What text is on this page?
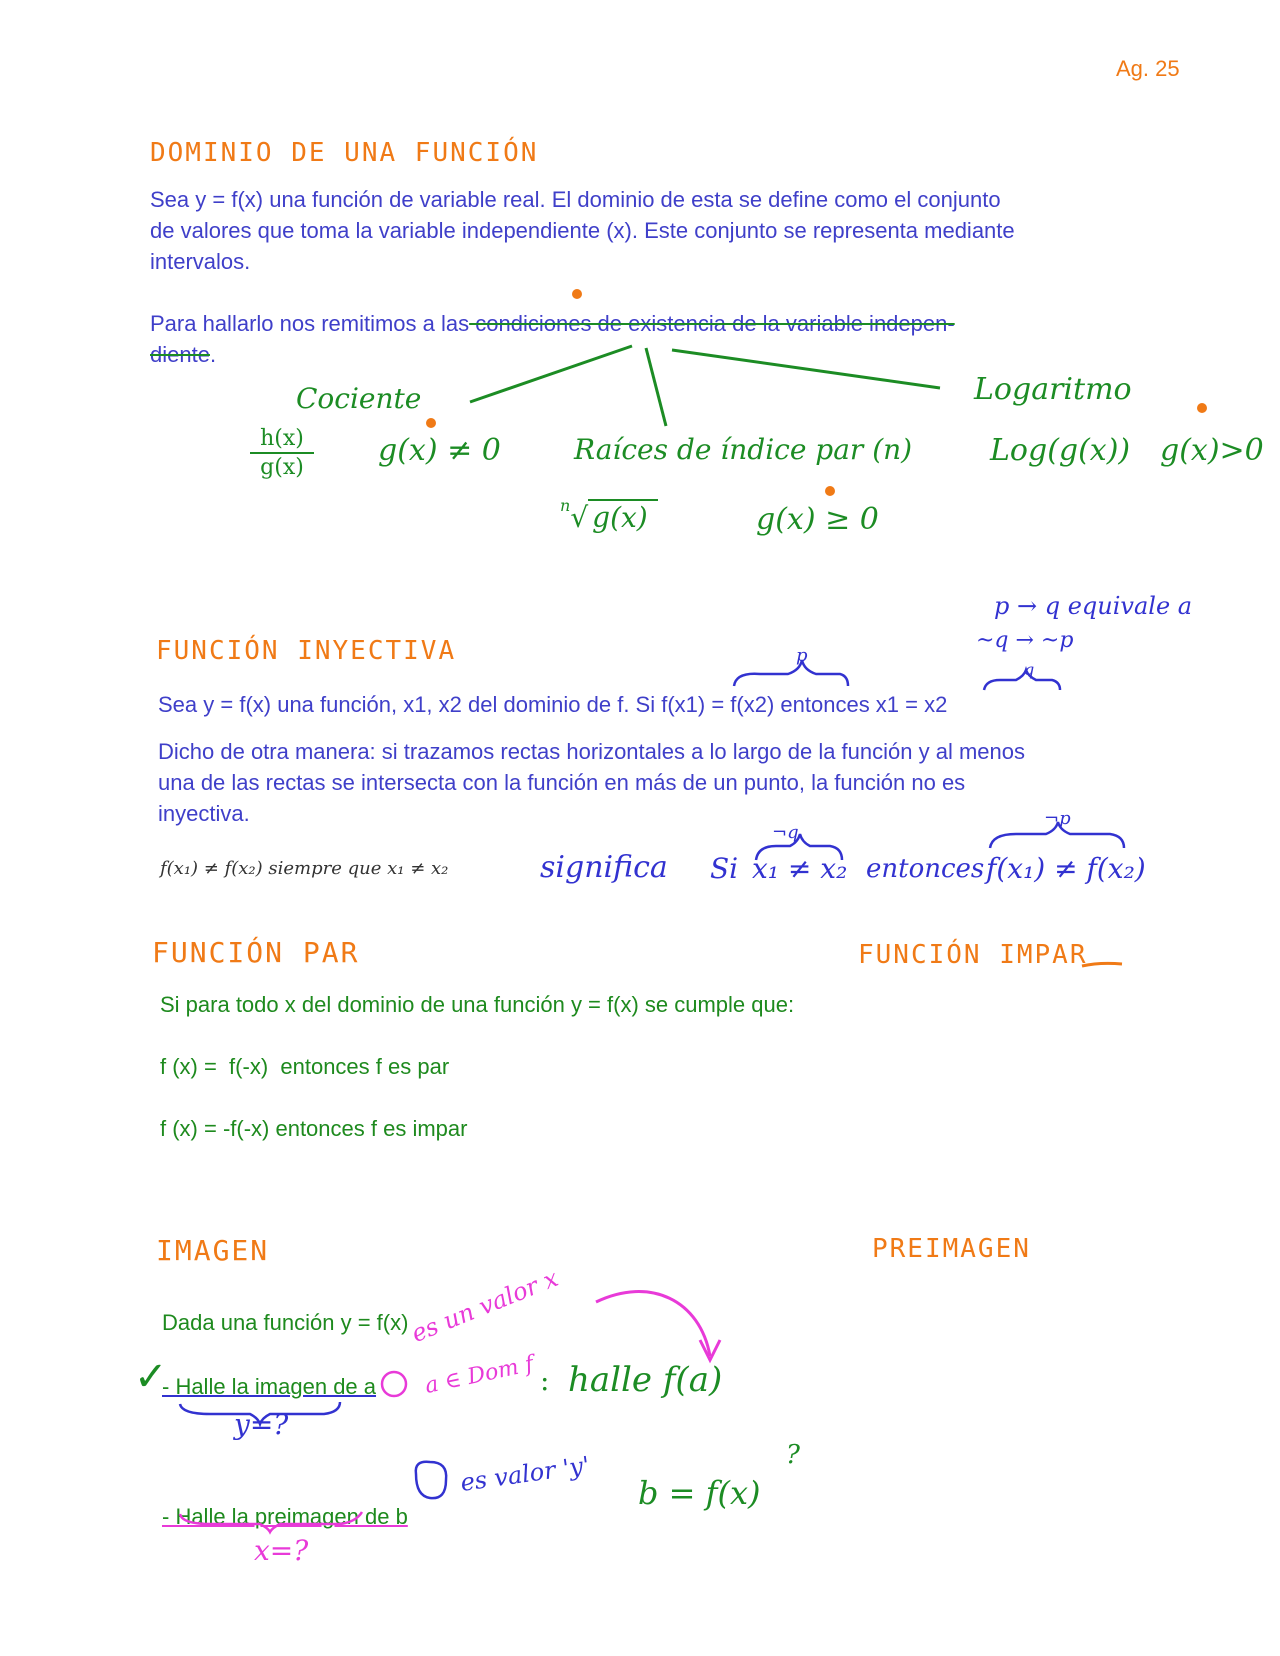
Ag. 25
DOMINIO DE UNA FUNCIÓN
Sea y = f(x) una función de variable real. El dominio de esta se define como el conjunto de valores que toma la variable independiente (x). Este conjunto se representa mediante intervalos.
Para hallarlo nos remitimos a las condiciones de existencia de la variable indepen-
diente.
Cociente
h(x)
g(x)	g(x) ≠ 0	Raíces de índice par (n)
$^n$√ g(x)	g(x) ≥ 0
Logaritmo
Log(g(x)) g(x)>0
FUNCIÓN INYECTIVA
p → q equivale a
~q → ~p
q
p
Sea y = f(x) una función, x1, x2 del dominio de f. Si f(x1) = f(x2) entonces x1 = x2
Dicho de otra manera: si trazamos rectas horizontales a lo largo de la función y al menos una de las rectas se intersecta con la función en más de un punto, la función no es inyectiva.
f(x₁) ≠ f(x₂) siempre que x₁ ≠ x₂	significa Si
¬q
x₁ ≠ x₂ entonces
¬p
f(x₁) ≠ f(x₂)
FUNCIÓN PAR	FUNCIÓN IMPAR
Si para todo x del dominio de una función y = f(x) se cumple que:
f (x) =  f(-x)  entonces f es par
f (x) = -f(-x) entonces f es impar
IMAGEN	PREIMAGEN
Dada una función y = f(x)
✓
- Halle la imagen de a
y=?
es un valor x
a ∈ Dom f : halle f(a)
- Halle la preimagen de b
x=?
es valor 'y' b = f(x)
?
